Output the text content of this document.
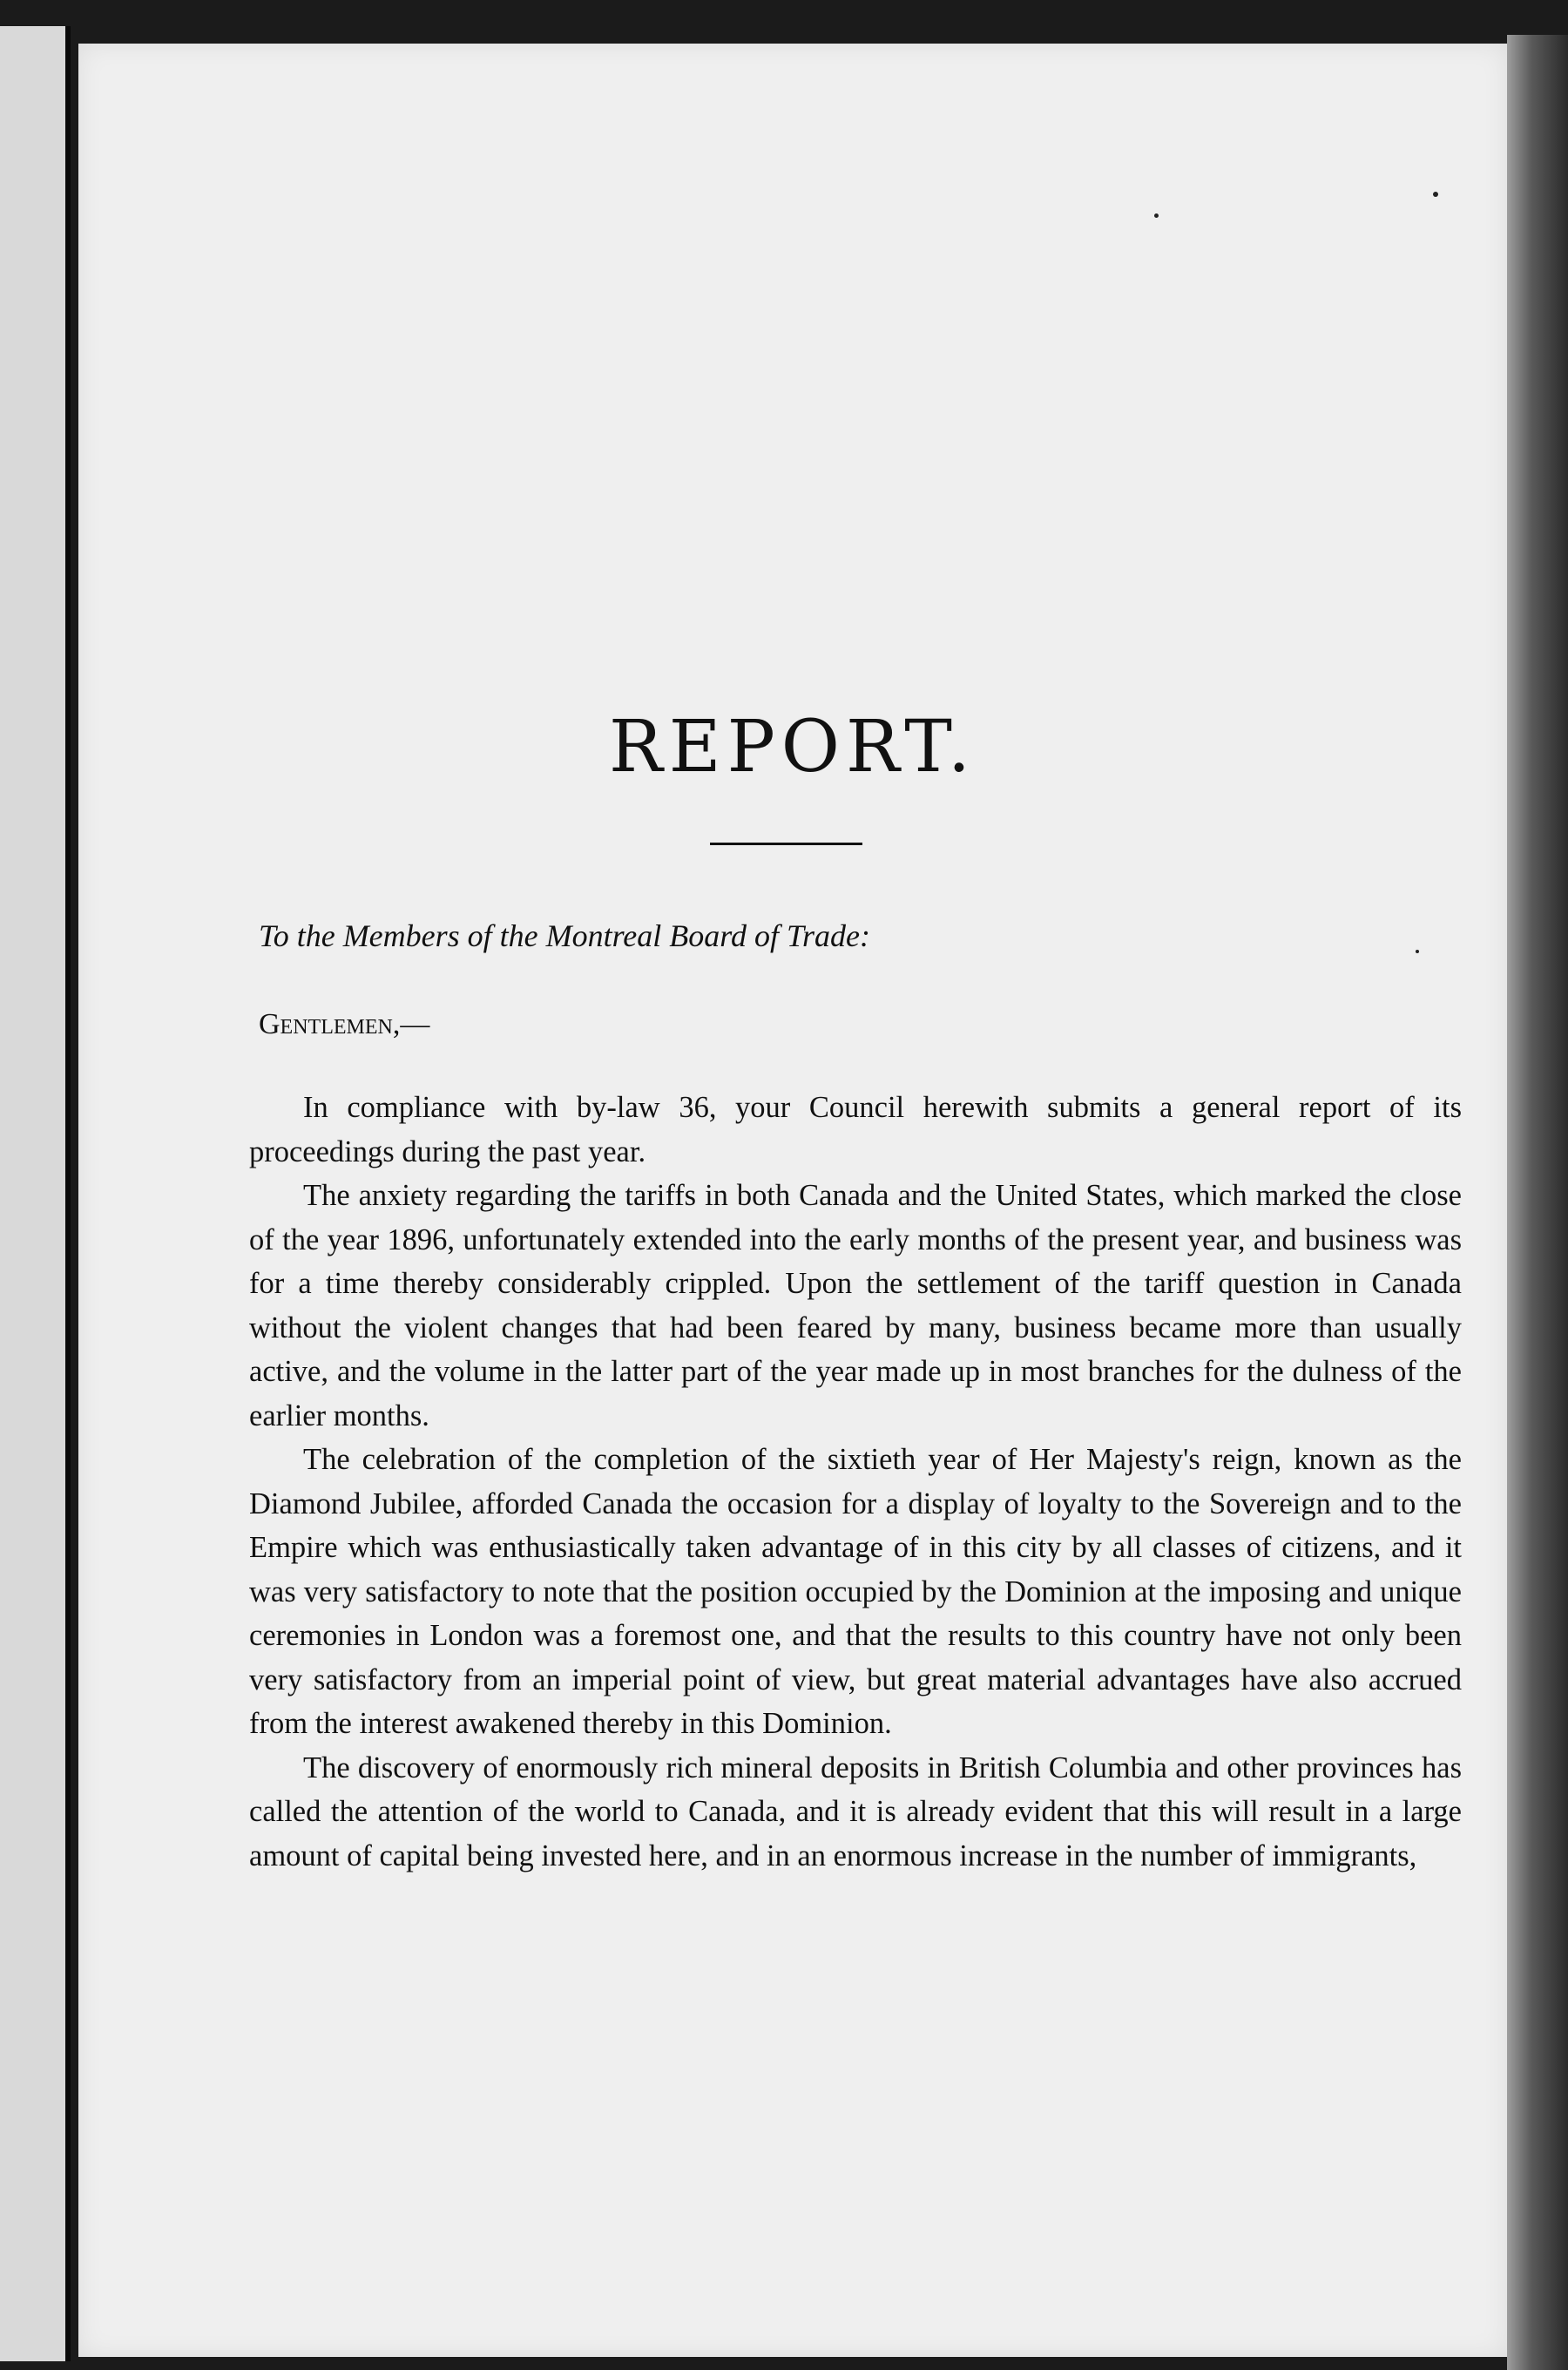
REPORT.

To the Members of the Montreal Board of Trade:

Gentlemen,—

In compliance with by-law 36, your Council herewith submits a general report of its proceedings during the past year.

The anxiety regarding the tariffs in both Canada and the United States, which marked the close of the year 1896, unfortunately extended into the early months of the present year, and business was for a time thereby considerably crippled. Upon the settlement of the tariff question in Canada without the violent changes that had been feared by many, business became more than usually active, and the volume in the latter part of the year made up in most branches for the dulness of the earlier months.

The celebration of the completion of the sixtieth year of Her Majesty's reign, known as the Diamond Jubilee, afforded Canada the occasion for a display of loyalty to the Sovereign and to the Empire which was enthusiastically taken advantage of in this city by all classes of citizens, and it was very satisfactory to note that the position occupied by the Dominion at the imposing and unique ceremonies in London was a foremost one, and that the results to this country have not only been very satisfactory from an imperial point of view, but great material advantages have also accrued from the interest awakened thereby in this Dominion.

The discovery of enormously rich mineral deposits in British Columbia and other provinces has called the attention of the world to Canada, and it is already evident that this will result in a large amount of capital being invested here, and in an enormous increase in the number of immigrants,
